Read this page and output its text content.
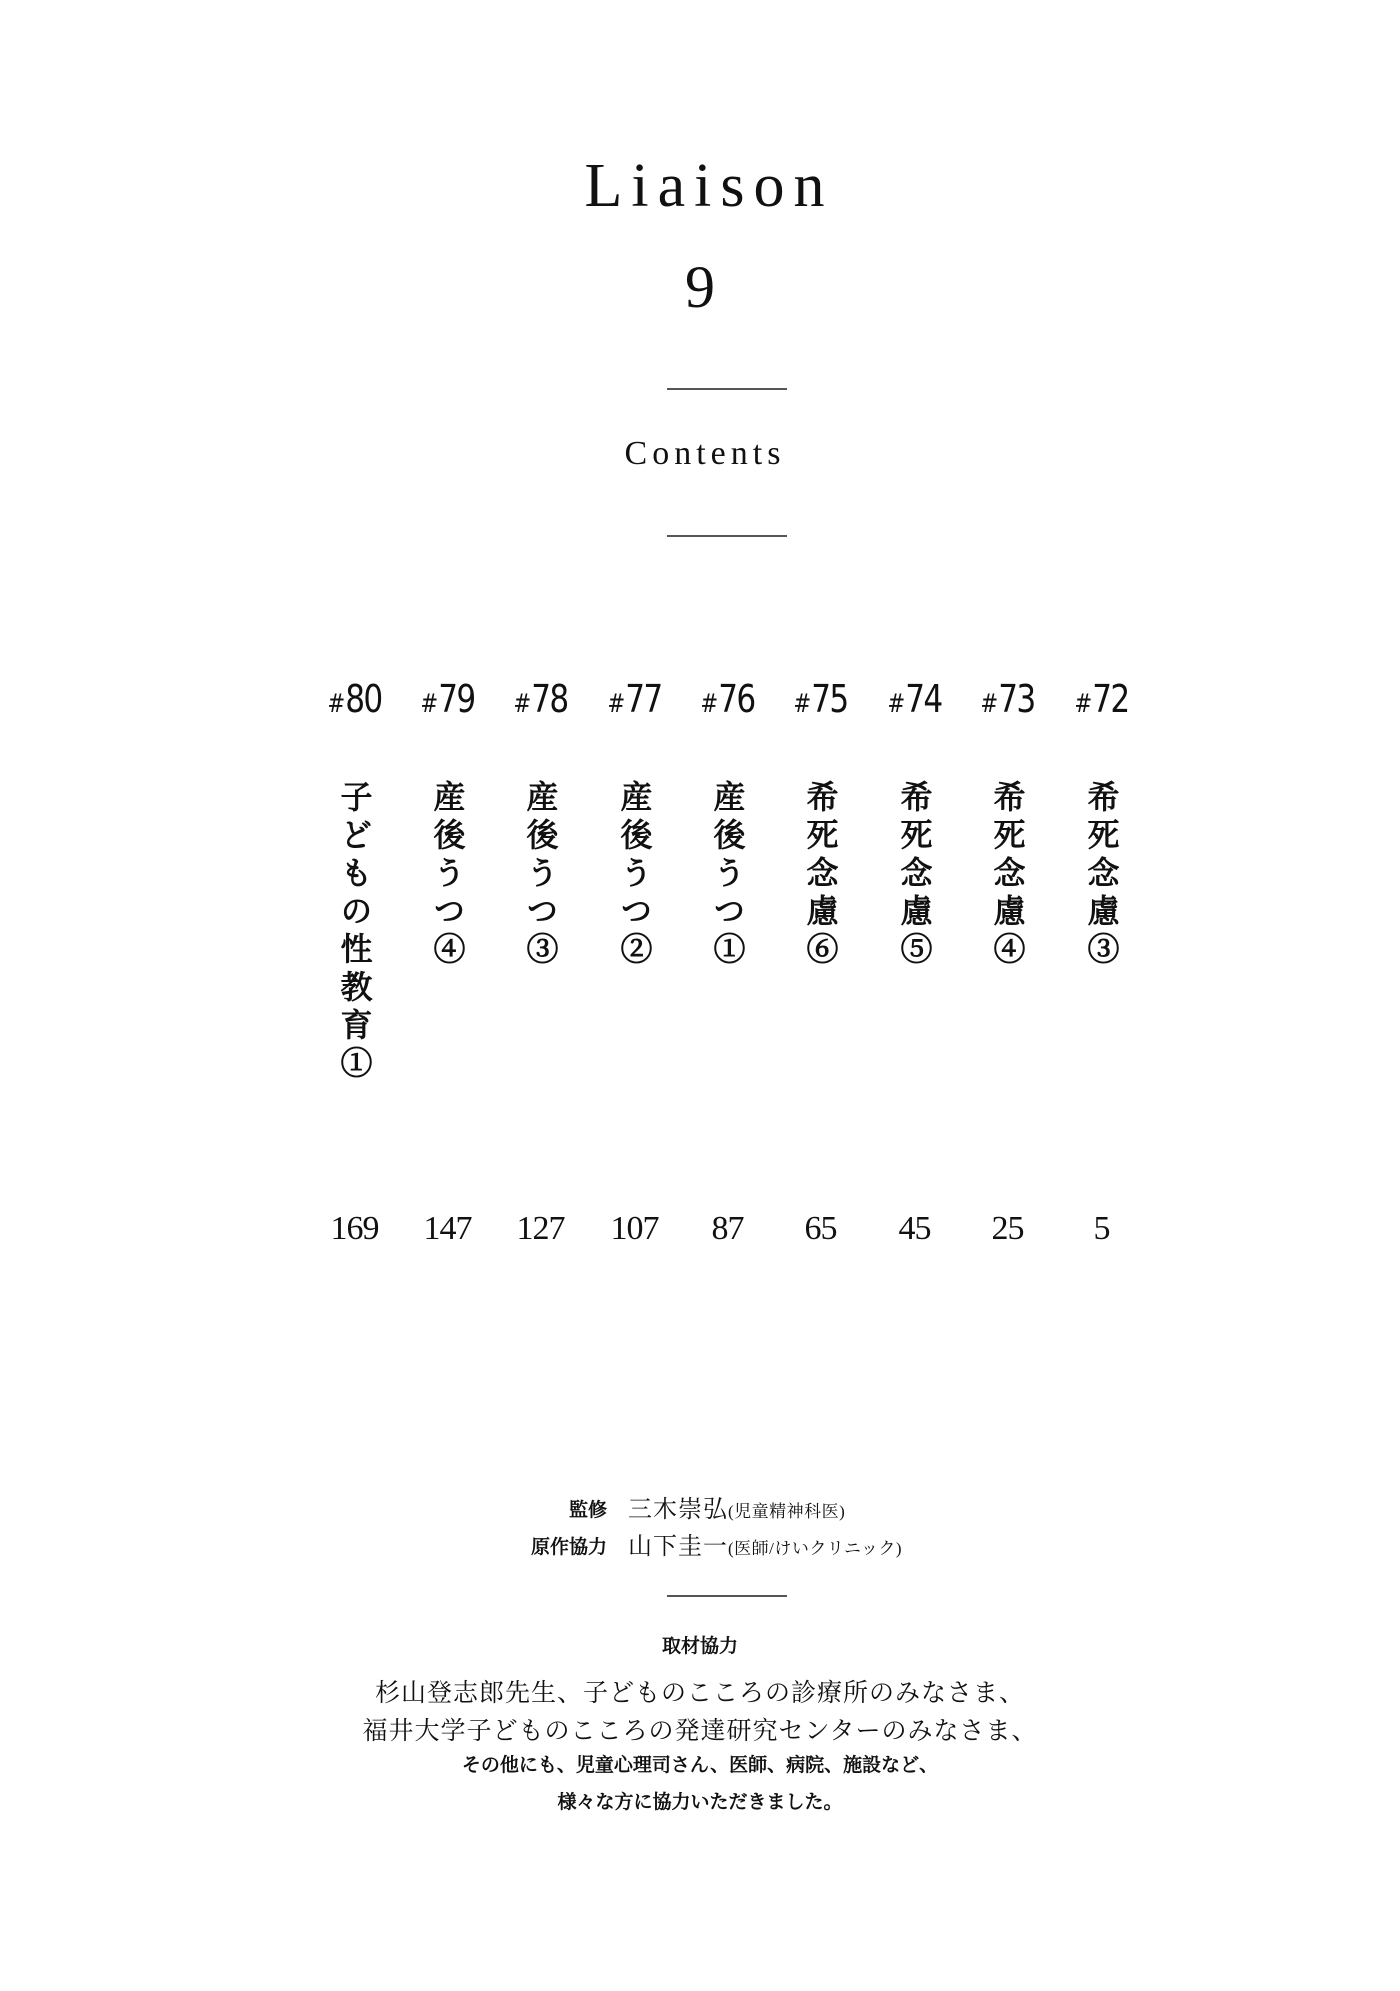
Liaison
9
Contents
#80
子どもの性教育①
169
#79
産後うつ④
147
#78
産後うつ③
127
#77
産後うつ②
107
#76
産後うつ①
87
#75
希死念慮⑥
65
#74
希死念慮⑤
45
#73
希死念慮④
25
#72
希死念慮③
5
監修 三木崇弘(児童精神科医)
原作協力 山下圭一(医師/けいクリニック)
取材協力
杉山登志郎先生、子どものこころの診療所のみなさま、
福井大学子どものこころの発達研究センターのみなさま、
その他にも、児童心理司さん、医師、病院、施設など、
様々な方に協力いただきました。
